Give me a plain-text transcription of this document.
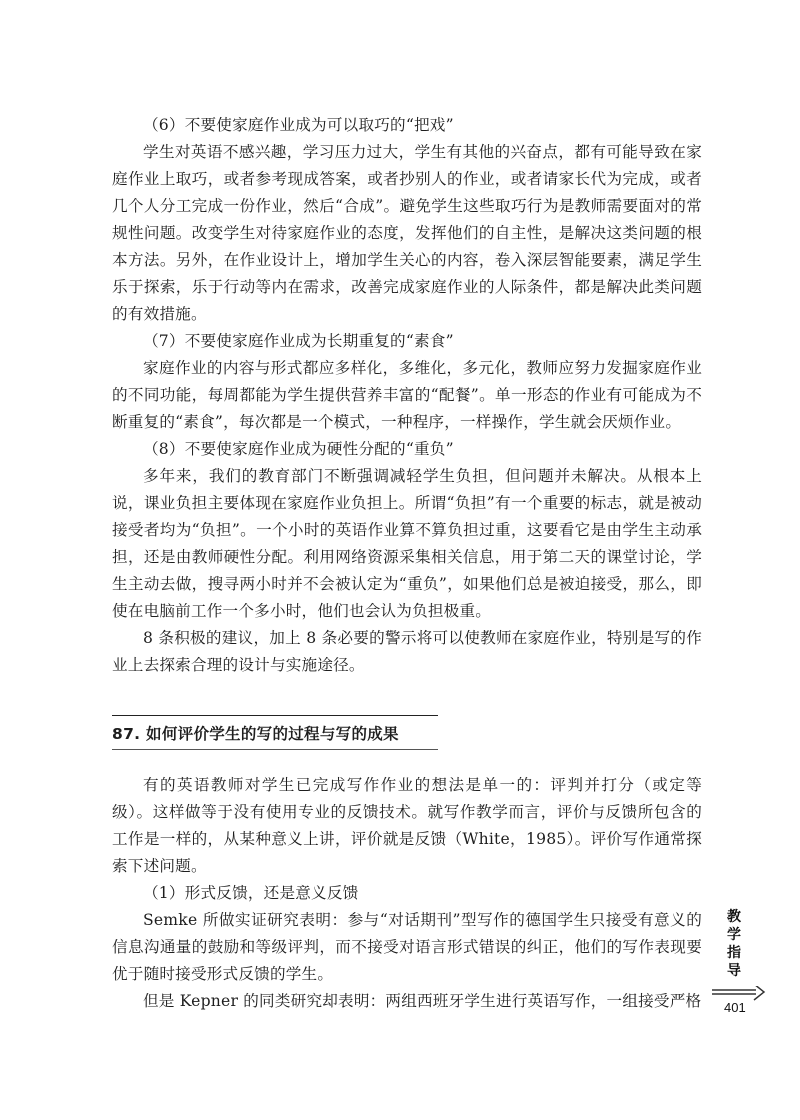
（6）不要使家庭作业成为可以取巧的“把戏”

学生对英语不感兴趣，学习压力过大，学生有其他的兴奋点，都有可能导致在家庭作业上取巧，或者参考现成答案，或者抄别人的作业，或者请家长代为完成，或者几个人分工完成一份作业，然后“合成”。避免学生这些取巧行为是教师需要面对的常规性问题。改变学生对待家庭作业的态度，发挥他们的自主性，是解决这类问题的根本方法。另外，在作业设计上，增加学生关心的内容，卷入深层智能要素，满足学生乐于探索，乐于行动等内在需求，改善完成家庭作业的人际条件，都是解决此类问题的有效措施。

（7）不要使家庭作业成为长期重复的“素食”

家庭作业的内容与形式都应多样化，多维化，多元化，教师应努力发掘家庭作业的不同功能，每周都能为学生提供营养丰富的“配餐”。单一形态的作业有可能成为不断重复的“素食”，每次都是一个模式，一种程序，一样操作，学生就会厌烦作业。

（8）不要使家庭作业成为硬性分配的“重负”

多年来，我们的教育部门不断强调减轻学生负担，但问题并未解决。从根本上说，课业负担主要体现在家庭作业负担上。所谓“负担”有一个重要的标志，就是被动接受者均为“负担”。一个小时的英语作业算不算负担过重，这要看它是由学生主动承担，还是由教师硬性分配。利用网络资源采集相关信息，用于第二天的课堂讨论，学生主动去做，搜寻两小时并不会被认定为“重负”，如果他们总是被迫接受，那么，即使在电脑前工作一个多小时，他们也会认为负担极重。

8 条积极的建议，加上 8 条必要的警示将可以使教师在家庭作业，特别是写的作业上去探索合理的设计与实施途径。

87. 如何评价学生的写的过程与写的成果

有的英语教师对学生已完成写作作业的想法是单一的：评判并打分（或定等级）。这样做等于没有使用专业的反馈技术。就写作教学而言，评价与反馈所包含的工作是一样的，从某种意义上讲，评价就是反馈（White，1985）。评价写作通常探索下述问题。

（1）形式反馈，还是意义反馈

Semke 所做实证研究表明：参与“对话期刊”型写作的德国学生只接受有意义的信息沟通量的鼓励和等级评判，而不接受对语言形式错误的纠正，他们的写作表现要优于随时接受形式反馈的学生。

但是 Kepner 的同类研究却表明：两组西班牙学生进行英语写作，一组接受严格

教
学
指
导
401
